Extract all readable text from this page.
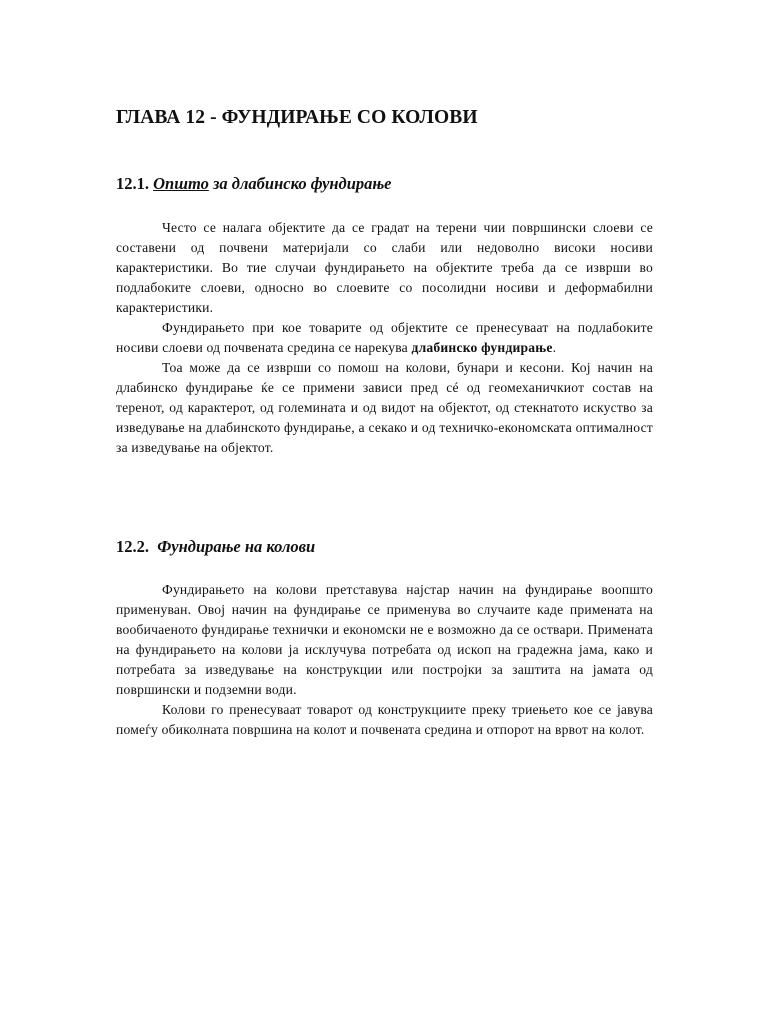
ГЛАВА 12 - ФУНДИРАЊЕ СО КОЛОВИ
12.1. Општо за длабинско фундирање

Често се налага објектите да се градат на терени чии површински слоеви се составени од почвени материјали со слаби или недоволно високи носиви карактеристики. Во тие случаи фундирањето на објектите треба да се изврши во подлабоките слоеви, односно во слоевите со посолидни носиви и деформабилни карактеристики.

Фундирањето при кое товарите од објектите се пренесуваат на подлабоките носиви слоеви од почвената средина се нарекува длабинско фундирање.

Тоа може да се изврши со помош на колови, бунари и кесони. Кој начин на длабинско фундирање ќе се примени зависи пред сé од геомеханичкиот состав на теренот, од карактерот, од големината и од видот на објектот, од стекнатото искуство за изведување на длабинското фундирање, а секако и од техничко-економската оптималност за изведување на објектот.

12.2. Фундирање на колови

Фундирањето на колови претставува најстар начин на фундирање воопшто применуван. Овој начин на фундирање се применува во случаите каде примената на вообичаеното фундирање технички и економски не е возможно да се оствари. Примената на фундирањето на колови ја исклучува потребата од ископ на градежна јама, како и потребата за изведување на конструкции или постројки за заштита на јамата од површински и подземни води.

Колови го пренесуваат товарот од конструкциите преку триењето кое се јавува помеѓу обиколната површина на колот и почвената средина и отпорот на врвот на колот.
